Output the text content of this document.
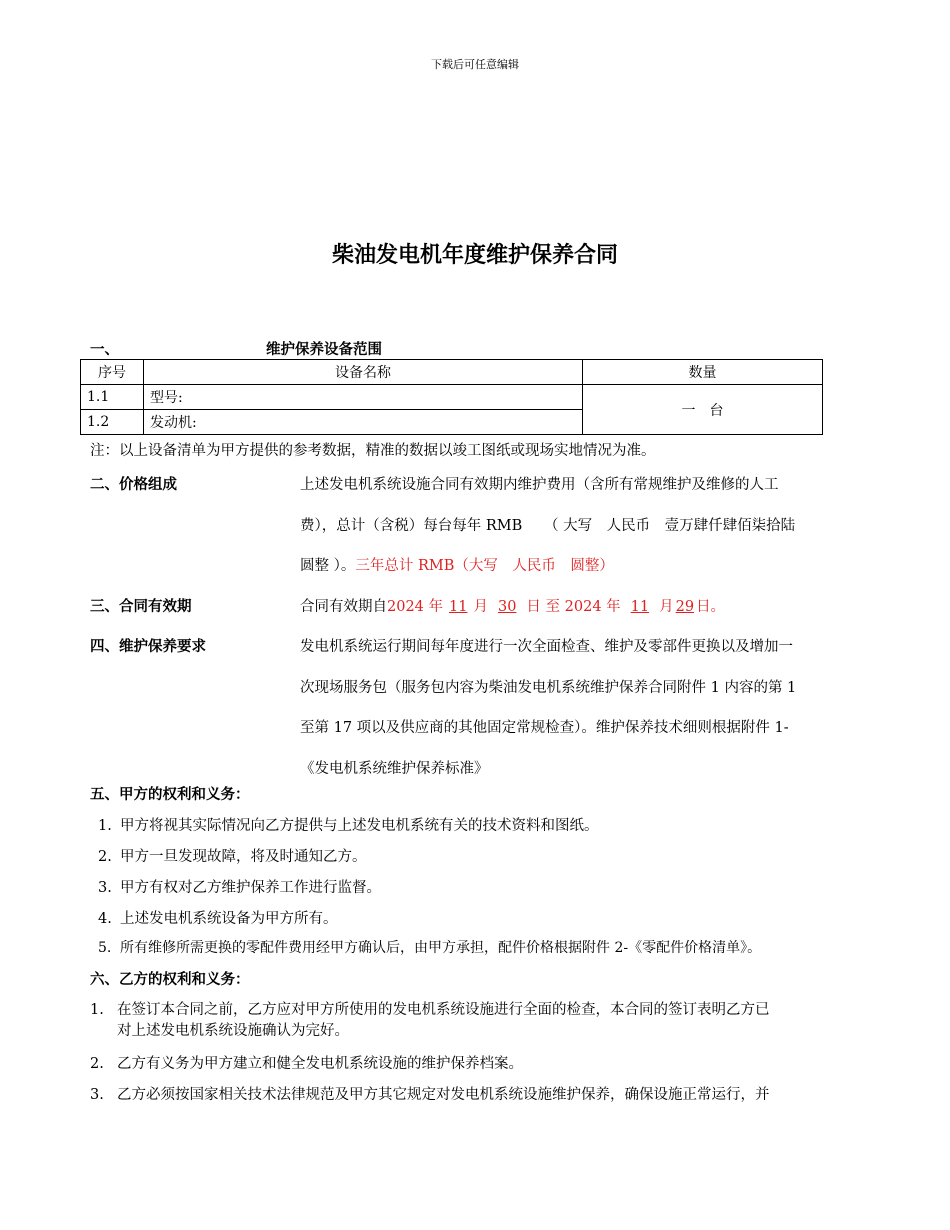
下载后可任意编辑
柴油发电机年度维护保养合同
一、	维护保养设备范围
序号	设备名称	数量
1.1	型号:	一　台
1.2	发动机:	
注：以上设备清单为甲方提供的参考数据，精准的数据以竣工图纸或现场实地情况为准。
二、价格组成	上述发电机系统设施合同有效期内维护费用（含所有常规维护及维修的人工
费），总计（含税）每台每年 RMB　　（ 大写　人民币　壹万肆仟肆佰柒拾陆
圆整 ）。三年总计 RMB（大写　人民币　圆整）
三、合同有效期	合同有效期自2024 年 11 月 30 日 至 2024 年 11 月 29 日。
四、维护保养要求	发电机系统运行期间每年度进行一次全面检查、维护及零部件更换以及增加一
次现场服务包（服务包内容为柴油发电机系统维护保养合同附件 1 内容的第 1
至第 17 项以及供应商的其他固定常规检查）。维护保养技术细则根据附件 1-
《发电机系统维护保养标准》
五、甲方的权利和义务：
1. 甲方将视其实际情况向乙方提供与上述发电机系统有关的技术资料和图纸。
2. 甲方一旦发现故障，将及时通知乙方。
3. 甲方有权对乙方维护保养工作进行监督。
4. 上述发电机系统设备为甲方所有。
5. 所有维修所需更换的零配件费用经甲方确认后，由甲方承担，配件价格根据附件 2-《零配件价格清单》。
六、乙方的权利和义务：
1. 在签订本合同之前，乙方应对甲方所使用的发电机系统设施进行全面的检查，本合同的签订表明乙方已
对上述发电机系统设施确认为完好。
2. 乙方有义务为甲方建立和健全发电机系统设施的维护保养档案。
3. 乙方必须按国家相关技术法律规范及甲方其它规定对发电机系统设施维护保养，确保设施正常运行，并
